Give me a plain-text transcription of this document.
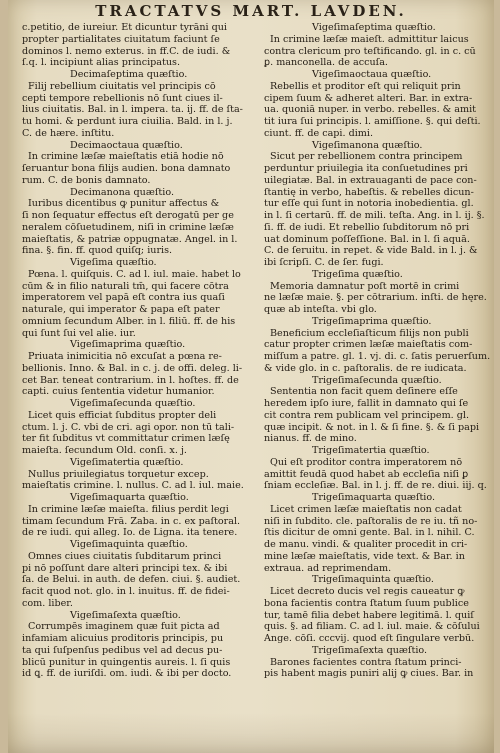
TRACTATVS MART. LAVDEN.
c.petitio, de iureiur. Et dicuntur tyrāni qui
propter partialitates ciuitatum faciunt ſe
dominos l. nemo exterus. in ff.C. de iudi. &
ſ.q. l. incipiunt alias principatus.
Decimaſeptima quæſtio.
Filij rebellium ciuitatis vel principis cō
cepti tempore rebellionis nō ſunt ciues il-
lius ciuitatis. Bal. in l. impera. ta. ij. ff. de ſta-
tu homi. & perdunt iura ciuilia. Bald. in l. j.
C. de hære. inſtitu.
Decimaoctaua quæſtio.
In crimine læſæ maieſtatis etiā hodie nō
ſeruantur bona filijs audien. bona damnato
rum. C. de bonis damnato.
Decimanona quæſtio.
Iuribus dicentibus ꝙ punitur affectus &
ſi non ſequatur effectus eſt derogatū per ge
neralem cōſuetudinem, niſi in crimine læſæ
maieſtatis, & patriæ oppugnatæ. Angel. in l.
fina. §. fin. ff. quod quiſq; iuris.
Vigeſima quæſtio.
Pœna. l. quiſquis. C. ad l. iul. maie. habet lo
cūm & in filio naturali tm̄, qui facere cōtra
imperatorem vel papā eſt contra ius quaſi
naturale, qui imperator & papa eſt pater
omnium ſecundum Alber. in l. filiū. ff. de his
qui ſunt ſui vel alie. iur.
Vigeſimaprima quæſtio.
Priuata inimicitia nō excuſat a pœna re-
bellionis. Inno. & Bal. in c. j. de offi. deleg. li-
cet Bar. teneat contrarium. in l. hoſtes. ff. de
capti. cuius ſententia videtur humanior.
Vigeſimaſecunda quæſtio.
Licet quis efficiat ſubditus propter deli
ctum. l. j. C. vbi de cri. agi opor. non tū tali-
ter fit ſubditus vt committatur crimen læſę
maieſta. ſecundum Old. conſi. x. j.
Vigeſimatertia quæſtio.
Nullus priuilegiatus torquetur excep.
maieſtatis crimine. l. nullus. C. ad l. iul. maie.
Vigeſimaquarta quæſtio.
In crimine læſæ maieſta. filius perdit legi
timam ſecundum Frā. Zaba. in c. ex paſtoral.
de re iudi. qui alleg. Io. de Ligna. ita tenere.
Vigeſimaquinta quæſtio.
Omnes ciues ciuitatis ſubditarum princi
pi nō poſſunt dare alteri principi tex. & ibi
ſa. de Belui. in auth. de defen. ciui. §. audiet.
facit quod not. glo. in l. inuitus. ff. de fidei-
com. liber.
Vigeſimaſexta quæſtio.
Corrumpēs imaginem quæ fuit picta ad
infamiam alicuius proditoris principis, pu
ta qui ſuſpenſus pedibus vel ad decus pu-
blicū punitur in quingentis aureis. l. ſi quis
id ꝗ. ff. de iuriſdi. om. iudi. & ibi per docto.
Vigeſimaſeptima quæſtio.
In crimine læſæ maieſt. admittitur laicus
contra clericum pro teſtificando. gl. in c. cū
ꝑ. manconella. de accuſa.
Vigeſimaoctaua quæſtio.
Rebellis et proditor eſt qui reliquit prin
cipem ſuum & adheret alteri. Bar. in extra-
ua. quoniā nuper. in verbo. rebelles. & amit
tit iura ſui principis. l. amiſſione. §. qui deſti.
ciunt. ff. de capi. dimi.
Vigeſimanona quæſtio.
Sicut per rebellionem contra principem
perduntur priuilegia ita conſuetudines pri
uilegiatæ. Bal. in extrauaganti de pace con-
ſtantię in verbo, habeſtis. & rebelles dicun-
tur eſſe qui ſunt in notoria inobedientia. gl.
in l. ſi certarū. ff. de mili. teſta. Ang. in l. ij. §.
ſi. ff. de iudi. Et rebellio ſubditorum nō pri
uat dominum poſſeſſione. Bal. in l. ſi aquā.
C. de ſeruitu. in repet. & vide Bald. in l. j. &
ibi ſcripſi. C. de ſer. fugi.
Trigeſima quæſtio.
Memoria damnatur poſt mortē in crimi
ne læſæ maie. §. per cōtrarium. inſti. de hęre.
quæ ab inteſta. vbi glo.
Trigeſimaprima quæſtio.
Beneficium eccleſiaſticum filijs non publi
catur propter crimen læſæ maieſtatis com-
miſſum a patre. gl. 1. vj. di. c. ſatis peruerſum.
& vide glo. in c. paſtoralis. de re iudicata.
Trigeſimaſecunda quæſtio.
Sententia non facit quem deſinere eſſe
heredem ipſo iure, fallit in damnato qui ſe
cit contra rem publicam vel principem. gl.
quæ incipit. & not. in l. & ſi fine. §. & ſi papi
nianus. ff. de mino.
Trigeſimatertia quæſtio.
Qui eſt proditor contra imperatorem nō
amittit feudā quod habet ab eccleſia niſi ꝑ
ſniam eccleſiæ. Bal. in l. j. ff. de re. diui. iij. q.
Trigeſimaquarta quæſtio.
Licet crimen læſæ maieſtatis non cadat
niſi in ſubdito. cle. paſtoralis de re iu. tñ no-
ſtis dicitur de omni gente. Bal. in l. nihil. C.
de manu. vindi. & qualiter procedit in cri-
mine læſæ maieſtatis, vide text. & Bar. in
extraua. ad reprimendam.
Trigeſimaquinta quæſtio.
Licet decreto ducis vel regis caueatur ꝙ
bona facientis contra ſtatum ſuum publice
tur, tamē filia debet habere legitimā. l. quiſ
quis. §. ad filiam. C. ad l. iul. maie. & cōſului
Ange. cōſi. cccvij. quod eſt ſingulare verbū.
Trigeſimaſexta quæſtio.
Barones facientes contra ſtatum princi-
pis habent magis puniri alij ꝙ ciues. Bar. in
